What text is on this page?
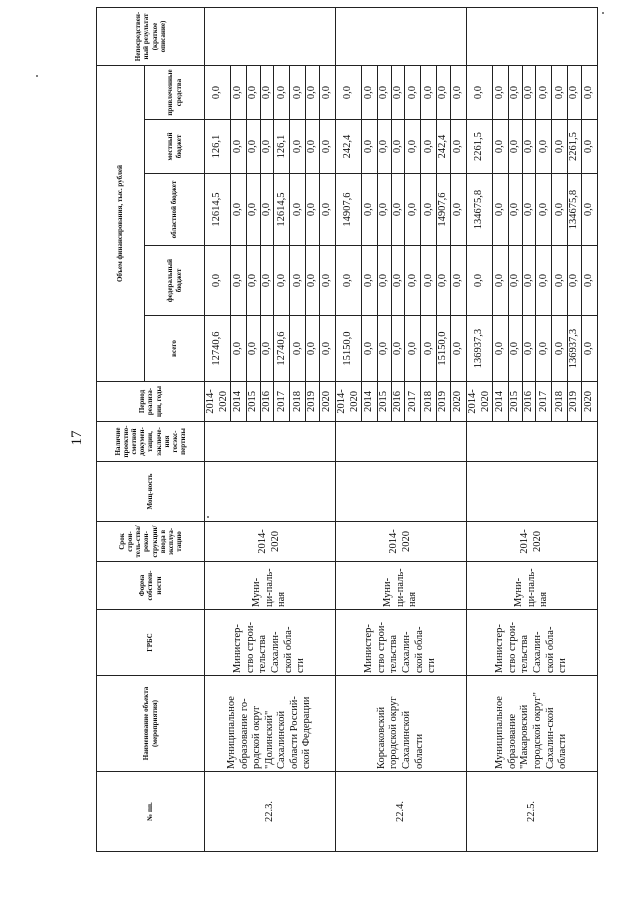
17
№ пп.	Наименование объекта (мероприятия)	ГРБС	Форма собствен-ности	Срок строи-тель-ства/рекон-струкции/ввода в эксплуа-тацию	Мощ-ность	Наличие проектно-сметной докумен-тации, заключе-ния госэкс-пертизы	Период реализа-ции, годы	Объем финансирования, тыс. рублей					Непосредствен-ный результат (краткое описание)
								всего	федеральный бюджет	областной бюджет	местный бюджет	привлеченные средства	
22.3.	Муниципальное образование го-родской округ "Долинский" Сахалинской области Россий-ской Федерации	Министер-ство строи-тельства Сахалин-ской обла-сти	Муни-ци-паль-ная	2014-2020			2014-2020	12740,6	0,0	12614,5	126,1	0,0	
							2014	0,0	0,0	0,0	0,0	0,0	
							2015	0,0	0,0	0,0	0,0	0,0	
							2016	0,0	0,0	0,0	0,0	0,0	
							2017	12740,6	0,0	12614,5	126,1	0,0	
							2018	0,0	0,0	0,0	0,0	0,0	
							2019	0,0	0,0	0,0	0,0	0,0	
							2020	0,0	0,0	0,0	0,0	0,0	
22.4.	Корсаковский городской округ Сахалинской области	Министер-ство строи-тельства Сахалин-ской обла-сти	Муни-ци-паль-ная	2014-2020			2014-2020	15150,0	0,0	14907,6	242,4	0,0	
							2014	0,0	0,0	0,0	0,0	0,0	
							2015	0,0	0,0	0,0	0,0	0,0	
							2016	0,0	0,0	0,0	0,0	0,0	
							2017	0,0	0,0	0,0	0,0	0,0	
							2018	0,0	0,0	0,0	0,0	0,0	
							2019	15150,0	0,0	14907,6	242,4	0,0	
							2020	0,0	0,0	0,0	0,0	0,0	
22.5.	Муниципальное образование "Макаровский городской округ" Сахалин-ской области	Министер-ство строи-тельства Сахалин-ской обла-сти	Муни-ци-паль-ная	2014-2020			2014-2020	136937,3	0,0	134675,8	2261,5	0,0	
							2014	0,0	0,0	0,0	0,0	0,0	
							2015	0,0	0,0	0,0	0,0	0,0	
							2016	0,0	0,0	0,0	0,0	0,0	
							2017	0,0	0,0	0,0	0,0	0,0	
							2018	0,0	0,0	0,0	0,0	0,0	
							2019	136937,3	0,0	134675,8	2261,5	0,0	
							2020	0,0	0,0	0,0	0,0	0,0	
